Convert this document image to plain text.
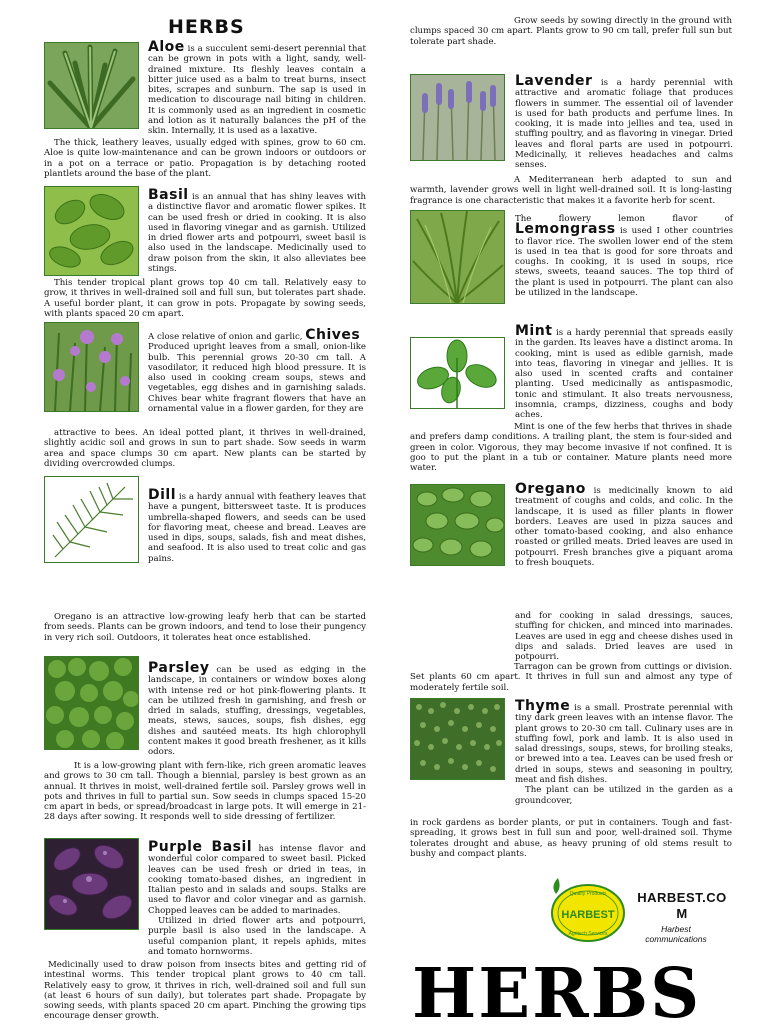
HERBS
Aloe is a succulent semi-desert perennial that can be grown in pots with a light, sandy, well-drained mixture. Its fleshly leaves contain a bitter juice used as a balm to treat burns, insect bites, scrapes and sunburn. The sap is used in medication to discourage nail biting in children. It is commonly used as an ingredient in cosmetic and lotion as it naturally balances the pH of the skin. Internally, it is used as a laxative.
The thick, leathery leaves, usually edged with spines, grow to 60 cm. Aloe is quite low-maintenance and can be grown indoors or outdoors or in a pot on a terrace or patio. Propagation is by detaching rooted plantlets around the base of the plant.
Basil is an annual that has shiny leaves with a distinctive flavor and aromatic flower spikes. It can be used fresh or dried in cooking. It is also used in flavoring vinegar and as garnish. Utilized in dried flower arts and potpourri, sweet basil is also used in the landscape. Medicinally used to draw poison from the skin, it also alleviates bee stings.
This tender tropical plant grows top 40 cm tall. Relatively easy to grow, it thrives in well-drained soil and full sun, but tolerates part shade. A useful border plant, it can grow in pots. Propagate by sowing seeds, with plants spaced 20 cm apart.
A close relative of onion and garlic, Chives
Produced upright leaves from a small, onion-like bulb. This perennial grows 20-30 cm tall. A vasodilator, it reduced high blood pressure. It is also used in cooking cream soups, stews and vegetables, egg dishes and in garnishing salads. Chives bear white fragrant flowers that have an ornamental value in a flower garden, for they are
attractive to bees. An ideal potted plant, it thrives in well-drained, slightly acidic soil and grows in sun to part shade. Sow seeds in warm area and space clumps 30 cm apart. New plants can be started by dividing overcrowded clumps.
Dill is a hardy annual with feathery leaves that have a pungent, bittersweet taste. It is produces umbrella-shaped flowers, and seeds can be used for flavoring meat, cheese and bread. Leaves are used in dips, soups, salads, fish and meat dishes, and seafood. It is also used to treat colic and gas pains.
Oregano is an attractive low-growing leafy herb that can be started from seeds. Plants can be grown indoors, and tend to lose their pungency in very rich soil. Outdoors, it tolerates heat once established.
Parsley can be used as edging in the landscape, in containers or window boxes along with intense red or hot pink-flowering plants. It can be utilized fresh in garnishing, and fresh or dried in salads, stuffing, dressings, vegetables, meats, stews, sauces, soups, fish dishes, egg dishes and sautéed meats. Its high chlorophyll content makes it good breath freshener, as it kills odors.
It is a low-growing plant with fern-like, rich green aromatic leaves and grows to 30 cm tall. Though a biennial, parsley is best grown as an annual. It thrives in moist, well-drained fertile soil. Parsley grows well in pots and thrives in full to partial sun. Sow seeds in clumps spaced 15-20 cm apart in beds, or spread/broadcast in large pots. It will emerge in 21-28 days after sowing. It responds well to side dressing of fertilizer.
Purple Basil has intense flavor and wonderful color compared to sweet basil. Picked leaves can be used fresh or dried in teas, in cooking tomato-based dishes, an ingredient in Italian pesto and in salads and soups. Stalks are used to flavor and color vinegar and as garnish. Chopped leaves can be added to marinades.
Utilized in dried flower arts and potpourri, purple basil is also used in the landscape. A useful companion plant, it repels aphids, mites and tomato hornworms.
Medicinally used to draw poison from insects bites and getting rid of intestinal worms. This tender tropical plant grows to 40 cm tall. Relatively easy to grow, it thrives in rich, well-drained soil and full sun (at least 6 hours of sun daily), but tolerates part shade. Propagate by sowing seeds, with plants spaced 20 cm apart. Pinching the growing tips encourage denser growth.
Grow seeds by sowing directly in the ground with clumps spaced 30 cm apart. Plants grow to 90 cm tall, prefer full sun but tolerate part shade.
Lavender is a hardy perennial with attractive and aromatic foliage that produces flowers in summer. The essential oil of lavender is used for bath products and perfume lines. In cooking, it is made into jellies and tea, used in stuffing poultry, and as flavoring in vinegar. Dried leaves and floral parts are used in potpourri. Medicinally, it relieves headaches and calms senses.
A Mediterranean herb adapted to sun and warmth, lavender grows well in light well-drained soil. It is long-lasting fragrance is one characteristic that makes it a favorite herb for scent.
The flowery lemon flavor of Lemongrass is used I other countries to flavor rice. The swollen lower end of the stem is used in tea that is good for sore throats and coughs. In cooking, it is used in soups, rice stews, sweets, teaand sauces. The top third of the plant is used in potpourri. The plant can also be utilized in the landscape.
Mint is a hardy perennial that spreads easily in the garden. Its leaves have a distinct aroma. In cooking, mint is used as edible garnish, made into teas, flavoring in vinegar and jellies. It is also used in scented crafts and container planting. Used medicinally as antispasmodic, tonic and stimulant. It also treats nervousness, insomnia, cramps, dizziness, coughs and body aches.
Mint is one of the few herbs that thrives in shade and prefers damp conditions. A trailing plant, the stem is four-sided and green in color. Vigorous, they may become invasive if not confined. It is goo to put the plant in a tub or container. Mature plants need more water.
Oregano is medicinally known to aid treatment of coughs and colds, and colic. In the landscape, it is used as filler plants in flower borders. Leaves are used in pizza sauces and other tomato-based cooking, and also enhance roasted or grilled meats. Dried leaves are used in potpourri. Fresh branches give a piquant aroma to fresh bouquets.
and for cooking in salad dressings, sauces, stuffing for chicken, and minced into marinades. Leaves are used in egg and cheese dishes used in dips and salads. Dried leaves are used in potpourri.
Tarragon can be grown from cuttings or division. Set plants 60 cm apart. It thrives in full sun and almost any type of moderately fertile soil.
Thyme is a small. Prostrate perennial with tiny dark green leaves with an intense flavor. The plant grows to 20-30 cm tall. Culinary uses are in stuffing fowl, pork and lamb. It is also used in salad dressings, soups, stews, for broiling steaks, or brewed into a tea. Leaves can be used fresh or dried in soups, stews and seasoning in poultry, meat and fish dishes.
The plant can be utilized in the garden as a groundcover,
in rock gardens as border plants, or put in containers. Tough and fast-spreading, it grows best in full sun and poor, well-drained soil. Thyme tolerates drought and abuse, as heavy pruning of old stems result to bushy and compact plants.
HARBEST
Quality Products
Agritech Services
HARBEST.CO
M
Harbest communications
HERBS
